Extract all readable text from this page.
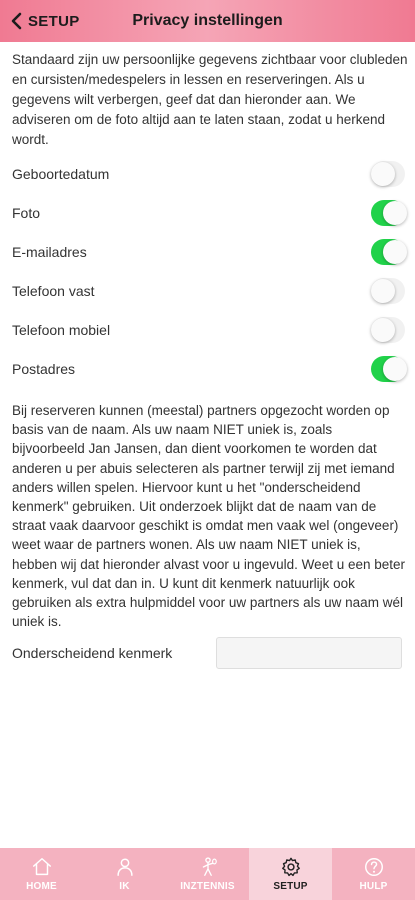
SETUP	Privacy instellingen

Standaard zijn uw persoonlijke gegevens zichtbaar voor clubleden en cursisten/medespelers in lessen en reserveringen. Als u gegevens wilt verbergen, geef dat dan hieronder aan. We adviseren om de foto altijd aan te laten staan, zodat u herkend wordt.

Geboortedatum
Foto
E-mailadres
Telefoon vast
Telefoon mobiel
Postadres

Bij reserveren kunnen (meestal) partners opgezocht worden op basis van de naam. Als uw naam NIET uniek is, zoals bijvoorbeeld Jan Jansen, dan dient voorkomen te worden dat anderen u per abuis selecteren als partner terwijl zij met iemand anders willen spelen. Hiervoor kunt u het "onderscheidend kenmerk" gebruiken. Uit onderzoek blijkt dat de naam van de straat vaak daarvoor geschikt is omdat men vaak wel (ongeveer) weet waar de partners wonen. Als uw naam NIET uniek is, hebben wij dat hieronder alvast voor u ingevuld. Weet u een beter kenmerk, vul dat dan in. U kunt dit kenmerk natuurlijk ook gebruiken als extra hulpmiddel voor uw partners als uw naam wél uniek is.

Onderscheidend kenmerk
HOME	IK	INZTENNIS	SETUP	HULP
